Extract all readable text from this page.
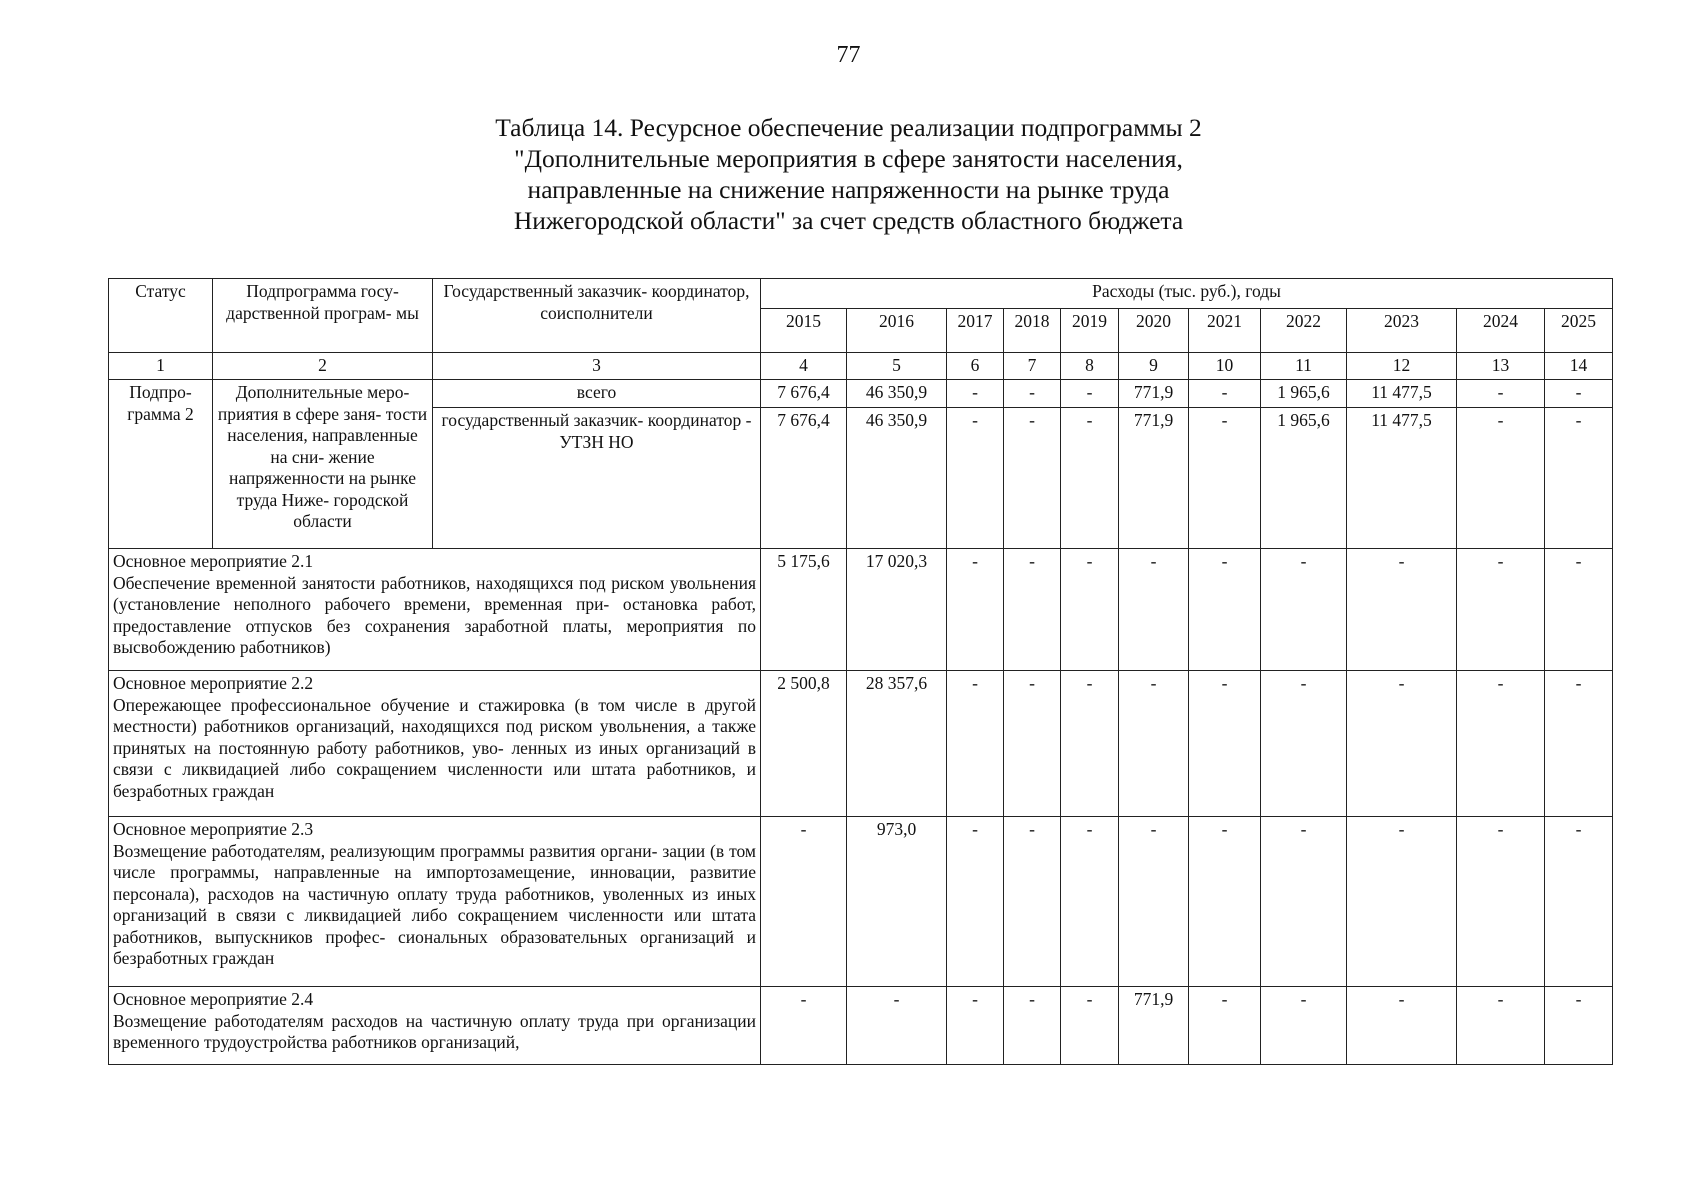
77
Таблица 14. Ресурсное обеспечение реализации подпрограммы 2
"Дополнительные мероприятия в сфере занятости населения,
направленные на снижение напряженности на рынке труда
Нижегородской области" за счет средств областного бюджета
Статус	Подпрограмма госу- дарственной програм- мы	Государственный заказчик- координатор, соисполнители	Расходы (тыс. руб.), годы										
			2015	2016	2017	2018	2019	2020	2021	2022	2023	2024	2025
1	2	3	4	5	6	7	8	9	10	11	12	13	14
Подпро- грамма 2	Дополнительные меро- приятия в сфере заня- тости населения, направленные на сни- жение напряженности на рынке труда Ниже- городской области	всего	7 676,4	46 350,9	-	-	-	771,9	-	1 965,6	11 477,5	-	-
		государственный заказчик- координатор - УТЗН НО	7 676,4	46 350,9	-	-	-	771,9	-	1 965,6	11 477,5	-	-

Основное мероприятие 2.1
Обеспечение временной занятости работников, находящихся под риском увольнения (установление неполного рабочего времени, временная при- остановка работ, предоставление отпусков без сохранения заработной платы, мероприятия по высвобождению работников)			5 175,6	17 020,3	-	-	-	-	-	-	-	-	-

Основное мероприятие 2.2
Опережающее профессиональное обучение и стажировка (в том числе в другой местности) работников организаций, находящихся под риском увольнения, а также принятых на постоянную работу работников, уво- ленных из иных организаций в связи с ликвидацией либо сокращением численности или штата работников, и безработных граждан			2 500,8	28 357,6	-	-	-	-	-	-	-	-	-

Основное мероприятие 2.3
Возмещение работодателям, реализующим программы развития органи- зации (в том числе программы, направленные на импортозамещение, инновации, развитие персонала), расходов на частичную оплату труда работников, уволенных из иных организаций в связи с ликвидацией либо сокращением численности или штата работников, выпускников профес- сиональных образовательных организаций и безработных граждан			-	973,0	-	-	-	-	-	-	-	-	-

Основное мероприятие 2.4
Возмещение работодателям расходов на частичную оплату труда при организации временного трудоустройства работников организаций,			-	-	-	-	-	771,9	-	-	-	-	-
